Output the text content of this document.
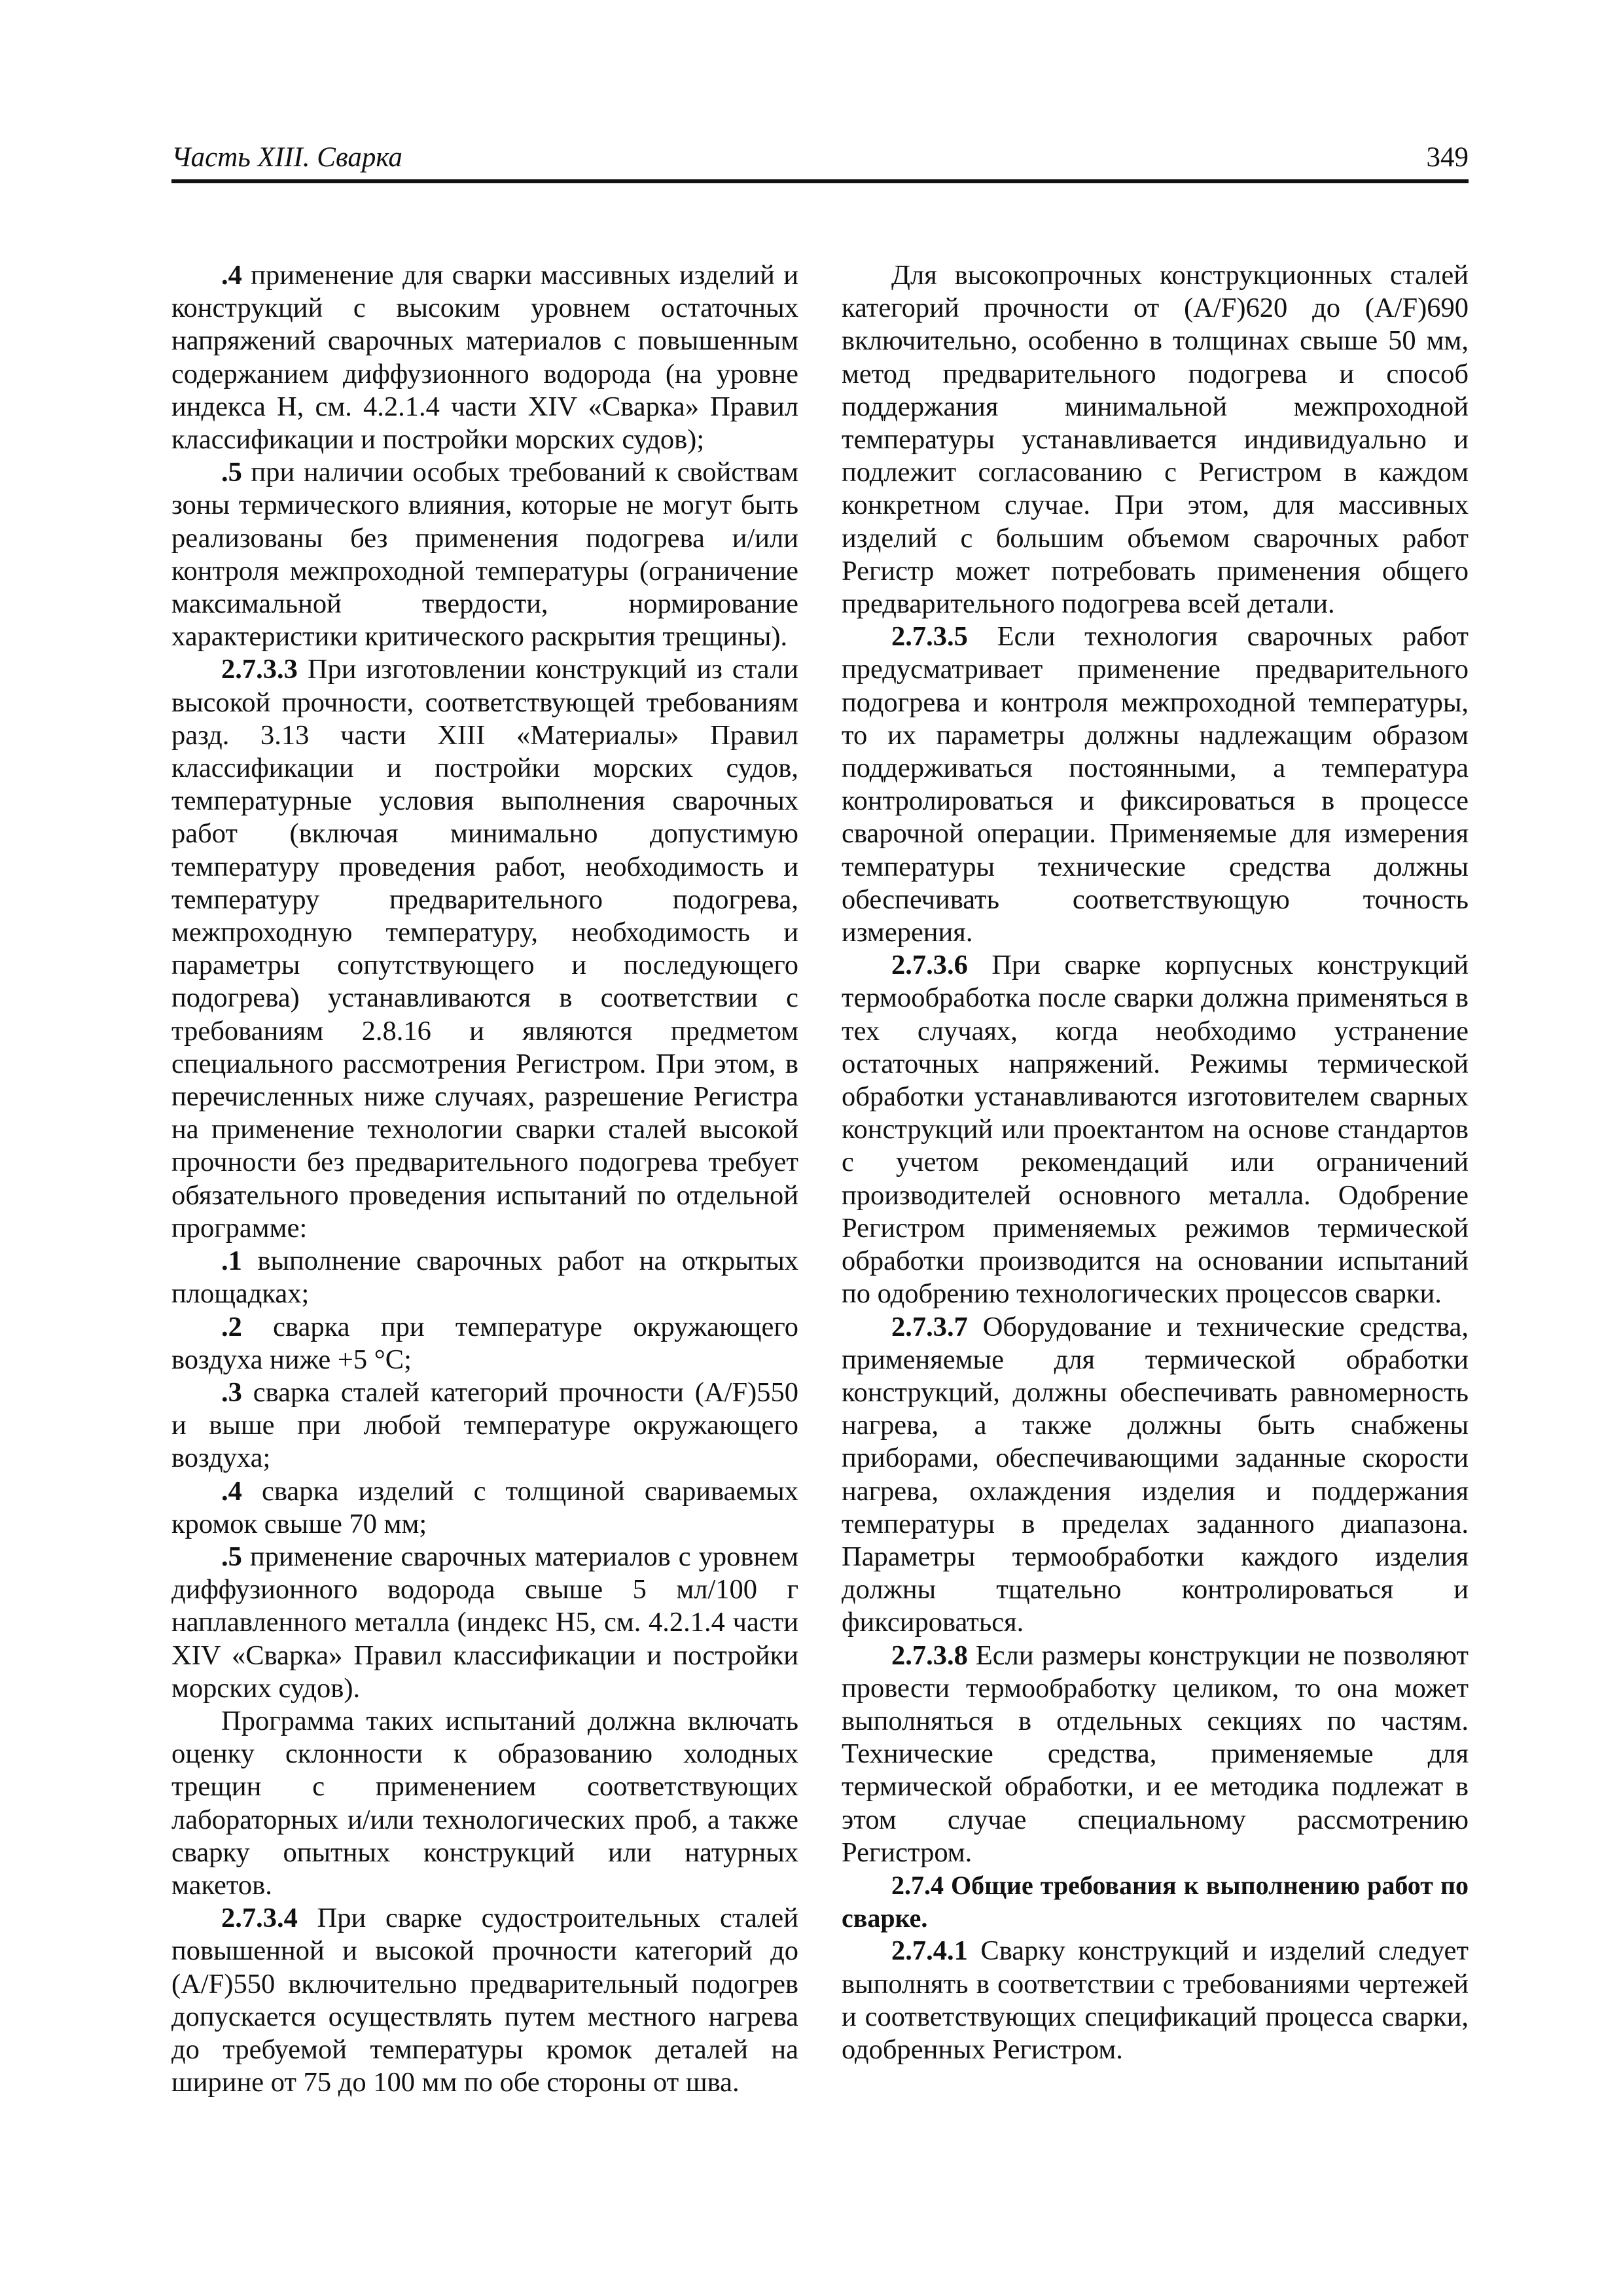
Часть XIII. Сварка	349

.4 применение для сварки массивных изделий и конструкций с высоким уровнем остаточных напряжений сварочных материалов с повышенным содержанием диффузионного водорода (на уровне индекса H, см. 4.2.1.4 части XIV «Сварка» Правил классификации и постройки морских судов);

.5 при наличии особых требований к свойствам зоны термического влияния, которые не могут быть реализованы без применения подогрева и/или контроля межпроходной температуры (ограничение максимальной твердости, нормирование характеристики критического раскрытия трещины).

2.7.3.3 При изготовлении конструкций из стали высокой прочности, соответствующей требованиям разд. 3.13 части XIII «Материалы» Правил классификации и постройки морских судов, температурные условия выполнения сварочных работ (включая минимально допустимую температуру проведения работ, необходимость и температуру предварительного подогрева, межпроходную температуру, необходимость и параметры сопутствующего и последующего подогрева) устанавливаются в соответствии с требованиям 2.8.16 и являются предметом специального рассмотрения Регистром. При этом, в перечисленных ниже случаях, разрешение Регистра на применение технологии сварки сталей высокой прочности без предварительного подогрева требует обязательного проведения испытаний по отдельной программе:

.1 выполнение сварочных работ на открытых площадках;

.2 сварка при температуре окружающего воздуха ниже +5 °C;

.3 сварка сталей категорий прочности (A/F)550 и выше при любой температуре окружающего воздуха;

.4 сварка изделий с толщиной свариваемых кромок свыше 70 мм;

.5 применение сварочных материалов с уровнем диффузионного водорода свыше 5 мл/100 г наплавленного металла (индекс H5, см. 4.2.1.4 части XIV «Сварка» Правил классификации и постройки морских судов).

Программа таких испытаний должна включать оценку склонности к образованию холодных трещин с применением соответствующих лабораторных и/или технологических проб, а также сварку опытных конструкций или натурных макетов.

2.7.3.4 При сварке судостроительных сталей повышенной и высокой прочности категорий до (A/F)550 включительно предварительный подогрев допускается осуществлять путем местного нагрева до требуемой температуры кромок деталей на ширине от 75 до 100 мм по обе стороны от шва.

Для высокопрочных конструкционных сталей категорий прочности от (A/F)620 до (A/F)690 включительно, особенно в толщинах свыше 50 мм, метод предварительного подогрева и способ поддержания минимальной межпроходной температуры устанавливается индивидуально и подлежит согласованию с Регистром в каждом конкретном случае. При этом, для массивных изделий с большим объемом сварочных работ Регистр может потребовать применения общего предварительного подогрева всей детали.

2.7.3.5 Если технология сварочных работ предусматривает применение предварительного подогрева и контроля межпроходной температуры, то их параметры должны надлежащим образом поддерживаться постоянными, а температура контролироваться и фиксироваться в процессе сварочной операции. Применяемые для измерения температуры технические средства должны обеспечивать соответствующую точность измерения.

2.7.3.6 При сварке корпусных конструкций термообработка после сварки должна применяться в тех случаях, когда необходимо устранение остаточных напряжений. Режимы термической обработки устанавливаются изготовителем сварных конструкций или проектантом на основе стандартов с учетом рекомендаций или ограничений производителей основного металла. Одобрение Регистром применяемых режимов термической обработки производится на основании испытаний по одобрению технологических процессов сварки.

2.7.3.7 Оборудование и технические средства, применяемые для термической обработки конструкций, должны обеспечивать равномерность нагрева, а также должны быть снабжены приборами, обеспечивающими заданные скорости нагрева, охлаждения изделия и поддержания температуры в пределах заданного диапазона. Параметры термообработки каждого изделия должны тщательно контролироваться и фиксироваться.

2.7.3.8 Если размеры конструкции не позволяют провести термообработку целиком, то она может выполняться в отдельных секциях по частям. Технические средства, применяемые для термической обработки, и ее методика подлежат в этом случае специальному рассмотрению Регистром.

2.7.4 Общие требования к выполнению работ по сварке.

2.7.4.1 Сварку конструкций и изделий следует выполнять в соответствии с требованиями чертежей и соответствующих спецификаций процесса сварки, одобренных Регистром.
